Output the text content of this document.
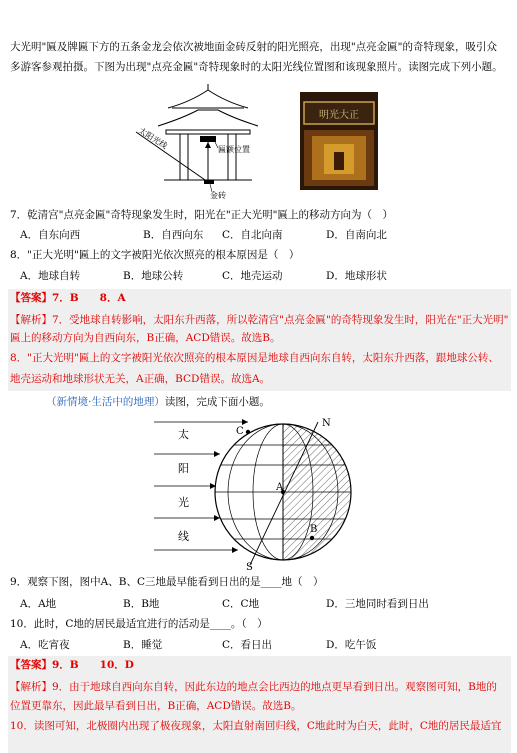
大光明"匾及牌匾下方的五条金龙会依次被地面金砖反射的阳光照亮，出现"点亮金匾"的奇特现象，吸引众
多游客参观拍摄。下图为出现"点亮金匾"奇特现象时的太阳光线位置图和该现象照片。读图完成下列小题。
太阳光线	匾额位置
金砖
明光大正
7．乾清宫"点亮金匾"奇特现象发生时，阳光在"正大光明"匾上的移动方向为（　）
A．自东向西	B．自西向东 C．自北向南	D．自南向北
8．"正大光明"匾上的文字被阳光依次照亮的根本原因是（　）
A．地球自转	B．地球公转	C．地壳运动	D．地球形状
【答案】7．B　　8．A
【解析】7．受地球自转影响，太阳东升西落，所以乾清宫"点亮金匾"的奇特现象发生时，阳光在"正大光明"
匾上的移动方向为自西向东，B正确，ACD错误。故选B。
8．"正大光明"匾上的文字被阳光依次照亮的根本原因是地球自西向东自转，太阳东升西落，跟地球公转、
地壳运动和地球形状无关，A正确，BCD错误。故选A。
（新情境·生活中的地理）读图，完成下面小题。
C
N
A
B
S
太
阳
光
线
9．观察下图，图中A、B、C三地最早能看到日出的是____地（　）
A．A地	B．B地	C．C地	D．三地同时看到日出
10．此时，C地的居民最适宜进行的活动是____。（　）
A．吃宵夜	B．睡觉	C．看日出	D．吃午饭
【答案】9．B　　10．D
【解析】9．由于地球自西向东自转，因此东边的地点会比西边的地点更早看到日出。观察图可知，B地的
位置更靠东，因此最早看到日出，B正确，ACD错误。故选B。
10．读图可知，北极圈内出现了极夜现象，太阳直射南回归线，C地此时为白天，此时，C地的居民最适宜
